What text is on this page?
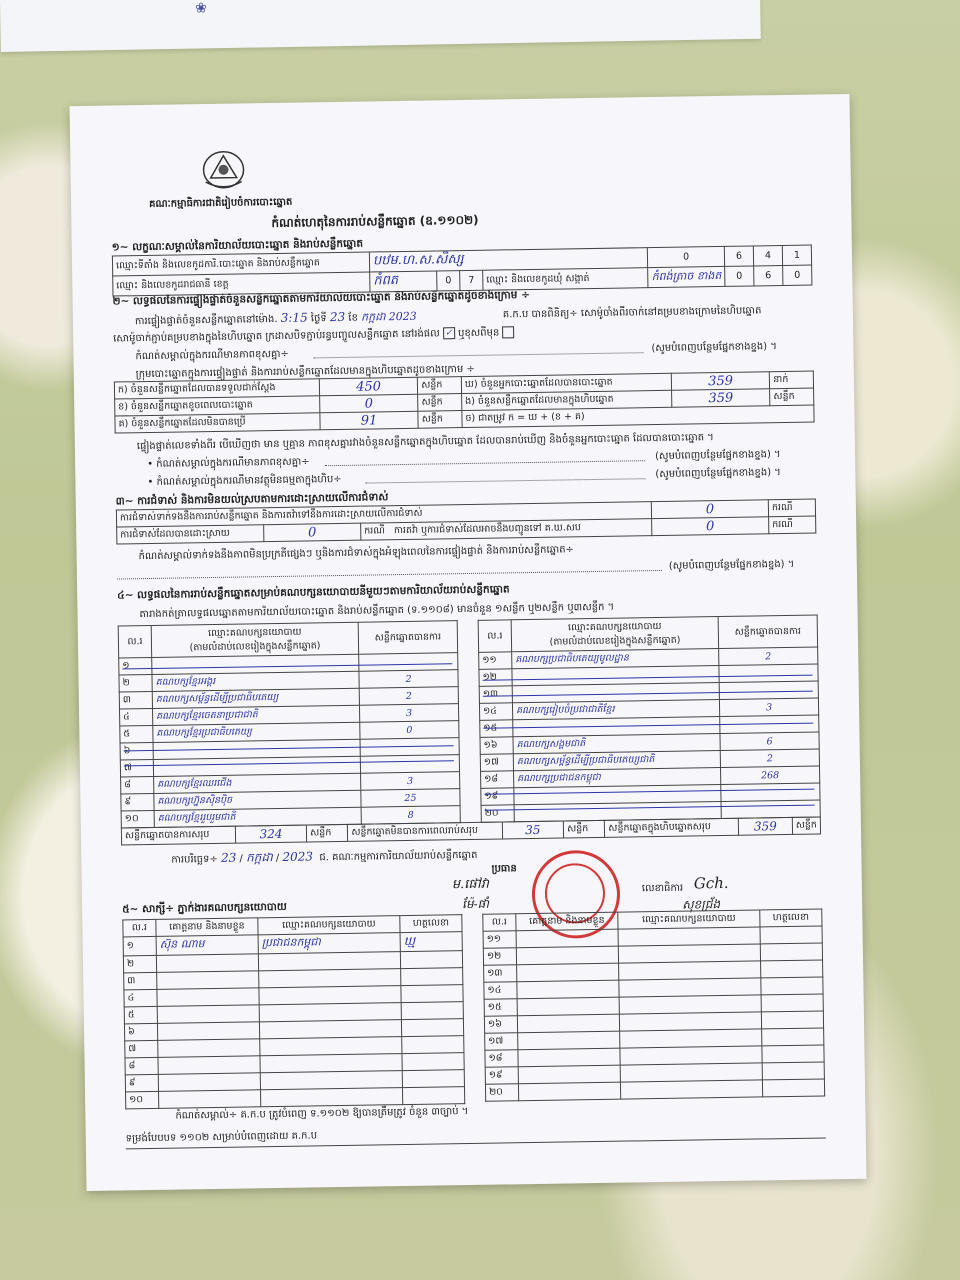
❀
គណៈកម្មាធិការជាតិរៀបចំការបោះឆ្នោត
កំណត់ហេតុនៃការរាប់សន្លឹកឆ្នោត (ឧ.១១០២)
១~ លក្ខណៈសម្គាល់នៃការិយាល័យបោះឆ្នោត និងរាប់សន្លឹកឆ្នោត
ឈ្មោះទីតាំង និងលេខកូដការិ.បោះឆ្នោត និងរាប់សន្លឹកឆ្នោត	បឋម.ហ.ស.សិស្ស				0	6	4	1
ឈ្មោះ និងលេខកូដរាជធានី ខេត្ត	កំពត	0	7	ឈ្មោះ និងលេខកូដឃុំ សង្កាត់	កំពង់ត្រាច ខាងត	0	6	0
២~ លទ្ធផលនៃការផ្ទៀងផ្ទាត់ចំនួនសន្លឹកឆ្នោតតាមការិយាល័យបោះឆ្នោត និងរាប់សន្លឹកឆ្នោតដូចខាងក្រោម ÷
ការផ្ទៀងផ្ទាត់ចំនួនសន្លឹកឆ្នោតនៅម៉ោង. 3:15 ថ្ងៃទី 23 ខែ កក្កដា 2023	គ.ក.ប បានពិនិត្យ÷ សោម៉ូចាំងពីរចាក់នៅគម្របខាងក្រោមនៃហិបឆ្នោត
សោម៉ូចាក់ភ្ជាប់គម្របខាងក្នុងនៃហិបឆ្នោត ក្រដាសបិទភ្ជាប់រន្ធបញ្ចូលសន្លឹកឆ្នោត នៅរង់ផល ✓ ឬខុសពីមុន
កំណត់សម្គាល់ក្នុងករណីមានភាពខុសគ្នា÷
(សូមបំពេញបន្ថែមផ្នែកខាងខ្នង) ។
ក្រុមបោះឆ្នោតក្នុងការផ្ទៀងផ្ទាត់ និងការរាប់សន្លឹកឆ្នោតដែលមានក្នុងហិបឆ្នោតដូចខាងក្រោម ÷
ក) ចំនួនសន្លឹកឆ្នោតដែលបានទទួលជាក់ស្ដែង	450	សន្លឹក	ឃ) ចំនួនអ្នកបោះឆ្នោតដែលបានបោះឆ្នោត	359	នាក់
ខ) ចំនួនសន្លឹកឆ្នោតខូចពេលបោះឆ្នោត	0	សន្លឹក	ង) ចំនួនសន្លឹកឆ្នោតដែលមានក្នុងហិបឆ្នោត	359	សន្លឹក
គ) ចំនួនសន្លឹកឆ្នោតដែលមិនបានប្រើ	91	សន្លឹក	ច) ជាតម្រូវ ក = ឃ + (ខ + គ)		
ផ្ទៀងផ្ទាត់លេខទាំងពីរ បើឃើញថា មាន ឬគ្មាន ភាពខុសគ្នារវាងចំនួនសន្លឹកឆ្នោតក្នុងហិបឆ្នោត ដែលបានរាប់ឃើញ និងចំនួនអ្នកបោះឆ្នោត ដែលបានបោះឆ្នោត ។
• កំណត់សម្គាល់ក្នុងករណីមានភាពខុសគ្នា÷
(សូមបំពេញបន្ថែមផ្នែកខាងខ្នង) ។
• កំណត់សម្គាល់ក្នុងករណីមានវត្ថុមិនធម្មតាក្នុងហិប÷
(សូមបំពេញបន្ថែមផ្នែកខាងខ្នង) ។
៣~ ការជំទាស់ និងការមិនយល់ស្របតាមការដោះស្រាយលើការជំទាស់
ការជំទាស់ទាក់ទងនឹងការរាប់សន្លឹកឆ្នោត និងការតវ៉ាទៅនឹងការដោះស្រាយលើការជំទាស់			0	ករណី
ការជំទាស់ដែលបានដោះស្រាយ	0	ករណី ការតវ៉ា ឬការជំទាស់ដែលអាចនឹងបញ្ជូនទៅ គ.ឃ.សប	0	ករណី
កំណត់សម្គាល់ទាក់ទងនឹងភាពមិនប្រក្រតីផ្សេងៗ ឬនិងការជំទាស់ក្នុងអំឡុងពេលនៃការផ្ទៀងផ្ទាត់ និងការរាប់សន្លឹកឆ្នោត÷
(សូមបំពេញបន្ថែមផ្នែកខាងខ្នង) ។
៤~ លទ្ធផលនៃការរាប់សន្លឹកឆ្នោតសម្រាប់គណបក្សនយោបាយនីមួយៗតាមការិយាល័យរាប់សន្លឹកឆ្នោត
តារាងកត់ត្រាលទ្ធផលឆ្នោតតាមការិយាល័យបោះឆ្នោត និងរាប់សន្លឹកឆ្នោត (ទ.១១០៨) មានចំនួន ១សន្លឹក ឬ២សន្លឹក ឬ៣សន្លឹក ។
ល.រ	ឈ្មោះគណបក្សនយោបាយ
(តាមលំដាប់លេខរៀងក្នុងសន្លឹកឆ្នោត)	សន្លឹកឆ្នោតបានការ
១		
២	គណបក្សខ្មែរអង្គរ	2
៣	គណបក្សសម្ព័ន្ធដើម្បីប្រជាធិបតេយ្យ	2
៤	គណបក្សខ្មែរចេតនាប្រជាជាតិ	3
៥	គណបក្សខ្មែរប្រជាធិបតេយ្យ	0
៦		
៧		
៨	គណបក្សខ្មែរឈរជើង	3
៩	គណបក្សហ្វ៊ុនស៊ិនប៉ិច	25
១០	គណបក្សខ្មែររួបរួមជាតិ	8
ល.រ	ឈ្មោះគណបក្សនយោបាយ
(តាមលំដាប់លេខរៀងក្នុងសន្លឹកឆ្នោត)	សន្លឹកឆ្នោតបានការ
១១	គណបក្សប្រជាធិបតេយ្យមូលដ្ឋាន	2
១២		
១៣		
១៤	គណបក្សរៀបចំប្រជាជាតិខ្មែរ	3
១៥		
១៦	គណបក្សសង្គមជាតិ	6
១៧	គណបក្សសម្ព័ន្ធដើម្បីប្រជាធិបតេយ្យជាតិ	2
១៨	គណបក្សប្រជាជនកម្ពុជា	268
១៩		
២០		
សន្លឹកឆ្នោតបានការសរុប	324	សន្លឹក	សន្លឹកឆ្នោតមិនបានការពេលរាប់សរុប	35	សន្លឹក	សន្លឹកឆ្នោតក្នុងហិបឆ្នោតសរុប	359	សន្លឹក
ការបរិច្ឆេទ÷ 23 / កក្កដា / 2023 ជ. គណៈកម្មការការិយាល័យរាប់សន្លឹកឆ្នោត
ប្រធាន
ម.ផៅវា
ម៉ែ-ផាំ
លេខាធិការ Gch.
សុខជ្រ័ង
៥~ សាក្សី÷ ភ្នាក់ងារគណបក្សនយោបាយ
ល.រ	គោត្តនាម និងនាមខ្លួន	ឈ្មោះគណបក្សនយោបាយ	ហត្ថលេខា
១	ស៊ុន ណាម	ប្រជាជនកម្ពុជា	ឃ្ម
២			
៣			
៤			
៥			
៦			
៧			
៨			
៩			
១០			
ល.រ	គោត្តនាម និងនាមខ្លួន	ឈ្មោះគណបក្សនយោបាយ	ហត្ថលេខា
១១			
១២			
១៣			
១៤			
១៥			
១៦			
១៧			
១៨			
១៩			
២០			
កំណត់សម្គាល់÷ គ.ក.ប ត្រូវបំពេញ ទ.១១០២ ឱ្យបានត្រឹមត្រូវ ចំនួន ៣ច្បាប់ ។
ទម្រង់បែបបទ ១១០២ សម្រាប់បំពេញដោយ គ.ក.ប
